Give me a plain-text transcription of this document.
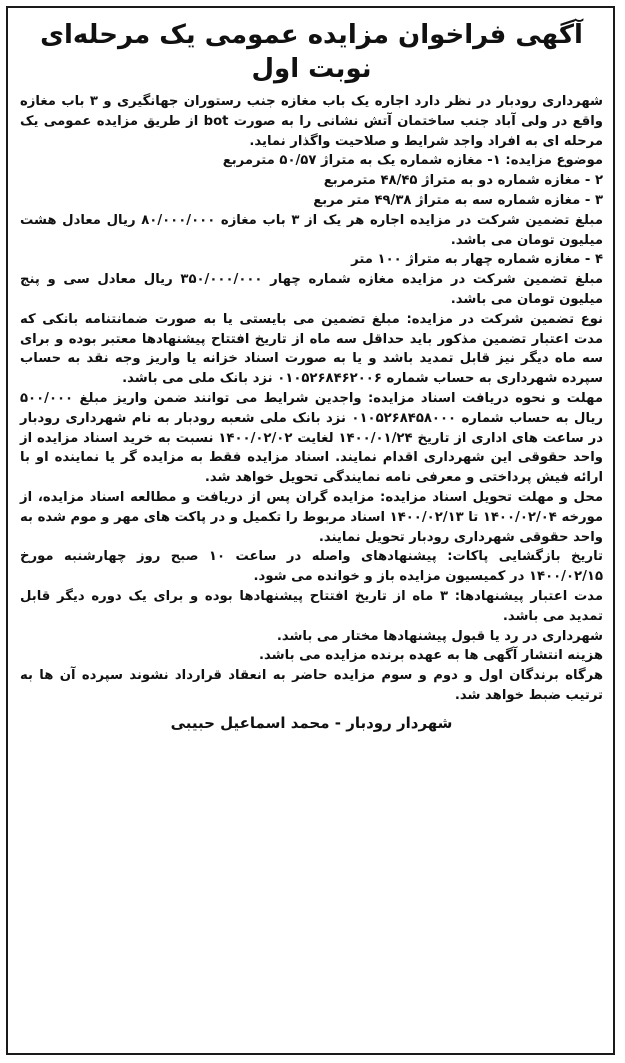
آگهی فراخوان مزایده عمومی یک مرحله‌ای
نوبت اول

شهرداری رودبار در نظر دارد اجاره یک باب مغازه جنب رستوران جهانگیری و ۳ باب مغازه واقع در ولی آباد جنب ساختمان آتش نشانی را به صورت bot از طریق مزایده عمومی یک مرحله ای به افراد واجد شرایط و صلاحیت واگذار نماید.

موضوع مزایده: ۱- مغازه شماره یک به متراژ ۵۰/۵۷ مترمربع

۲ - مغازه شماره دو به متراژ ۴۸/۴۵ مترمربع

۳ - مغازه شماره سه به متراژ ۴۹/۳۸ متر مربع

مبلغ تضمین شرکت در مزایده اجاره هر یک از ۳ باب مغازه ۸۰/۰۰۰/۰۰۰ ریال معادل هشت میلیون تومان می باشد.

۴ - مغازه شماره چهار به متراژ ۱۰۰ متر

مبلغ تضمین شرکت در مزایده مغازه شماره چهار ۳۵۰/۰۰۰/۰۰۰ ریال معادل سی و پنج میلیون تومان می باشد.

نوع تضمین شرکت در مزایده: مبلغ تضمین می بایستی یا به صورت ضمانتنامه بانکی که مدت اعتبار تضمین مذکور باید حداقل سه ماه از تاریخ افتتاح پیشنهادها معتبر بوده و برای سه ماه دیگر نیز قابل تمدید باشد و یا به صورت اسناد خزانه یا واریز وجه نقد به حساب سپرده شهرداری به حساب شماره ۰۱۰۵۲۶۸۴۶۲۰۰۶ نزد بانک ملی می باشد.

مهلت و نحوه دریافت اسناد مزایده: واجدین شرایط می توانند ضمن واریز مبلغ ۵۰۰/۰۰۰ ریال به حساب شماره ۰۱۰۵۲۶۸۴۵۸۰۰۰ نزد بانک ملی شعبه رودبار به نام شهرداری رودبار در ساعت های اداری از تاریخ ۱۴۰۰/۰۱/۲۴ لغایت ۱۴۰۰/۰۲/۰۲ نسبت به خرید اسناد مزایده از واحد حقوقی این شهرداری اقدام نمایند. اسناد مزایده فقط به مزایده گر یا نماینده او با ارائه فیش پرداختی و معرفی نامه نمایندگی تحویل خواهد شد.

محل و مهلت تحویل اسناد مزایده: مزایده گران پس از دریافت و مطالعه اسناد مزایده، از مورخه ۱۴۰۰/۰۲/۰۴ تا ۱۴۰۰/۰۲/۱۳ اسناد مربوط را تکمیل و در پاکت های مهر و موم شده به واحد حقوقی شهرداری رودبار تحویل نمایند.

تاریخ بازگشایی پاکات: پیشنهادهای واصله در ساعت ۱۰ صبح روز چهارشنبه مورخ ۱۴۰۰/۰۲/۱۵ در کمیسیون مزایده باز و خوانده می شود.

مدت اعتبار پیشنهادها: ۳ ماه از تاریخ افتتاح پیشنهادها بوده و برای یک دوره دیگر قابل تمدید می باشد.

شهرداری در رد یا قبول پیشنهادها مختار می باشد.

هزینه انتشار آگهی ها به عهده برنده مزایده می باشد.

هرگاه برندگان اول و دوم و سوم مزایده حاضر به انعقاد قرارداد نشوند سپرده آن ها به ترتیب ضبط خواهد شد.

شهردار رودبار - محمد اسماعیل حبیبی
